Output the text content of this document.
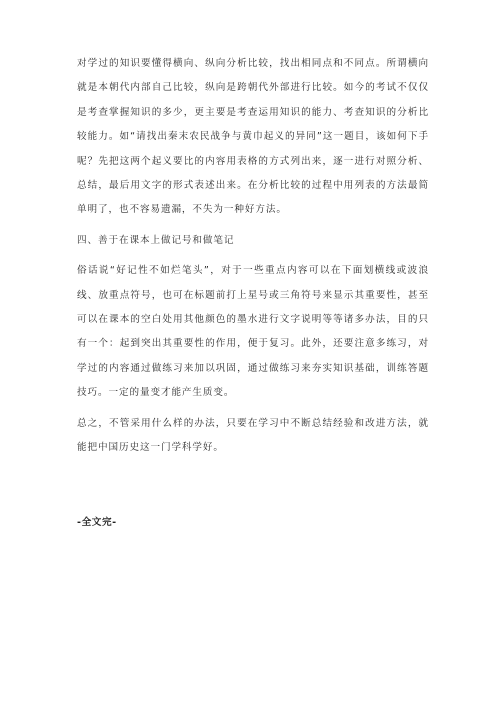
对学过的知识要懂得横向、纵向分析比较，找出相同点和不同点。所谓横向就是本朝代内部自己比较，纵向是跨朝代外部进行比较。如今的考试不仅仅是考查掌握知识的多少，更主要是考查运用知识的能力、考查知识的分析比较能力。如“请找出秦末农民战争与黄巾起义的异同”这一题目，该如何下手呢？先把这两个起义要比的内容用表格的方式列出来，逐一进行对照分析、总结，最后用文字的形式表述出来。在分析比较的过程中用列表的方法最简单明了，也不容易遗漏，不失为一种好方法。

四、善于在课本上做记号和做笔记

俗话说“好记性不如烂笔头”，对于一些重点内容可以在下面划横线或波浪线、放重点符号，也可在标题前打上星号或三角符号来显示其重要性，甚至可以在课本的空白处用其他颜色的墨水进行文字说明等等诸多办法，目的只有一个：起到突出其重要性的作用，便于复习。此外，还要注意多练习，对学过的内容通过做练习来加以巩固，通过做练习来夯实知识基础，训练答题技巧。一定的量变才能产生质变。

总之，不管采用什么样的办法，只要在学习中不断总结经验和改进方法，就能把中国历史这一门学科学好。

-全文完-
